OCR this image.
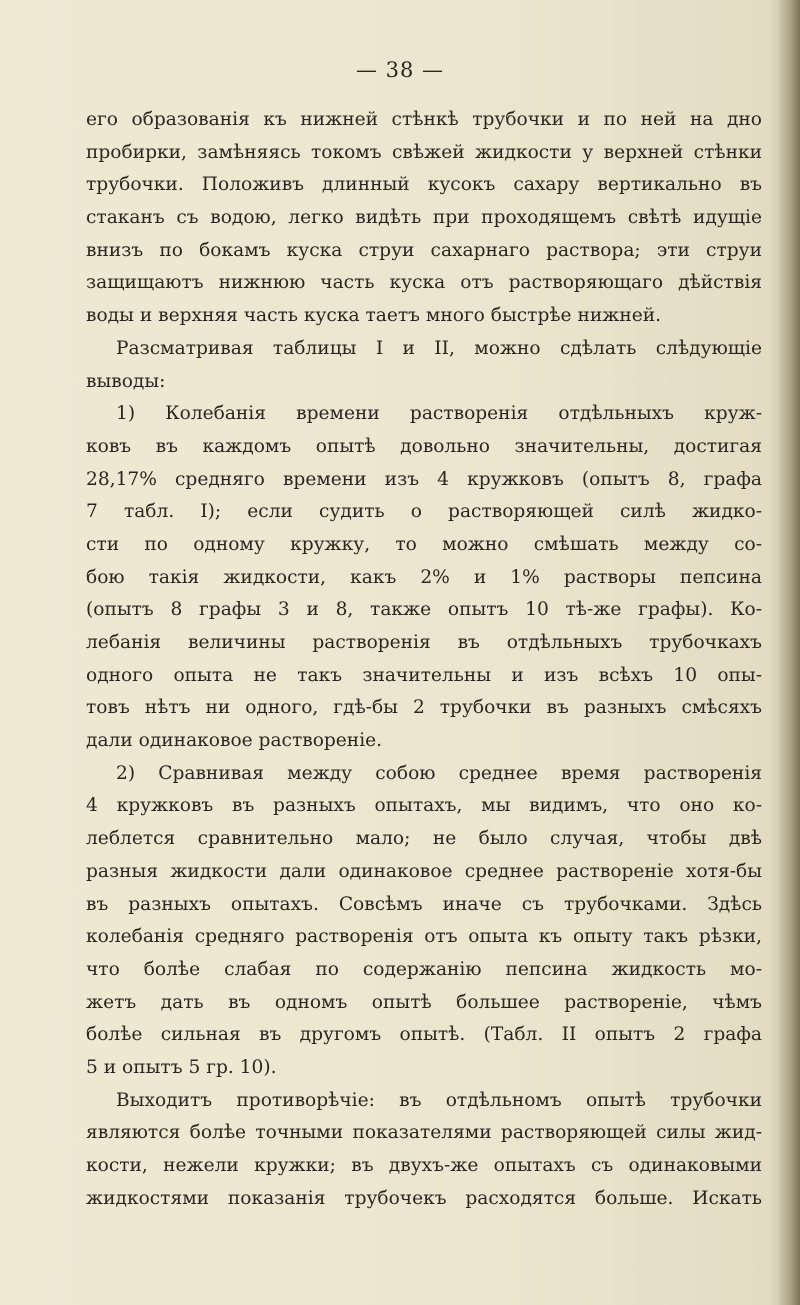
— 38 —
его образованія къ нижней стѣнкѣ трубочки и по ней на дно
пробирки, замѣняясь токомъ свѣжей жидкости у верхней стѣнки
трубочки. Положивъ длинный кусокъ сахару вертикально въ
стаканъ съ водою, легко видѣть при проходящемъ свѣтѣ идущіе
внизъ по бокамъ куска струи сахарнаго раствора; эти струи
защищаютъ нижнюю часть куска отъ растворяющаго дѣйствія
воды и верхняя часть куска таетъ много быстрѣе нижней.
Разсматривая таблицы I и II, можно сдѣлать слѣдующіе
выводы:
1) Колебанія времени растворенія отдѣльныхъ круж-
ковъ въ каждомъ опытѣ довольно значительны, достигая
28,17% средняго времени изъ 4 кружковъ (опытъ 8, графа
7 табл. I); если судить о растворяющей силѣ жидко-
сти по одному кружку, то можно смѣшать между со-
бою такія жидкости, какъ 2% и 1% растворы пепсина
(опытъ 8 графы 3 и 8, также опытъ 10 тѣ-же графы). Ко-
лебанія величины растворенія въ отдѣльныхъ трубочкахъ
одного опыта не такъ значительны и изъ всѣхъ 10 опы-
товъ нѣтъ ни одного, гдѣ-бы 2 трубочки въ разныхъ смѣсяхъ
дали одинаковое раствореніе.
2) Сравнивая между собою среднее время растворенія
4 кружковъ въ разныхъ опытахъ, мы видимъ, что оно ко-
леблется сравнительно мало; не было случая, чтобы двѣ
разныя жидкости дали одинаковое среднее раствореніе хотя-бы
въ разныхъ опытахъ. Совсѣмъ иначе съ трубочками. Здѣсь
колебанія средняго растворенія отъ опыта къ опыту такъ рѣзки,
что болѣе слабая по содержанію пепсина жидкость мо-
жетъ дать въ одномъ опытѣ большее раствореніе, чѣмъ
болѣе сильная въ другомъ опытѣ. (Табл. II опытъ 2 графа
5 и опытъ 5 гр. 10).
Выходитъ противорѣчіе: въ отдѣльномъ опытѣ трубочки
являются болѣе точными показателями растворяющей силы жид-
кости, нежели кружки; въ двухъ-же опытахъ съ одинаковыми
жидкостями показанія трубочекъ расходятся больше. Искать
